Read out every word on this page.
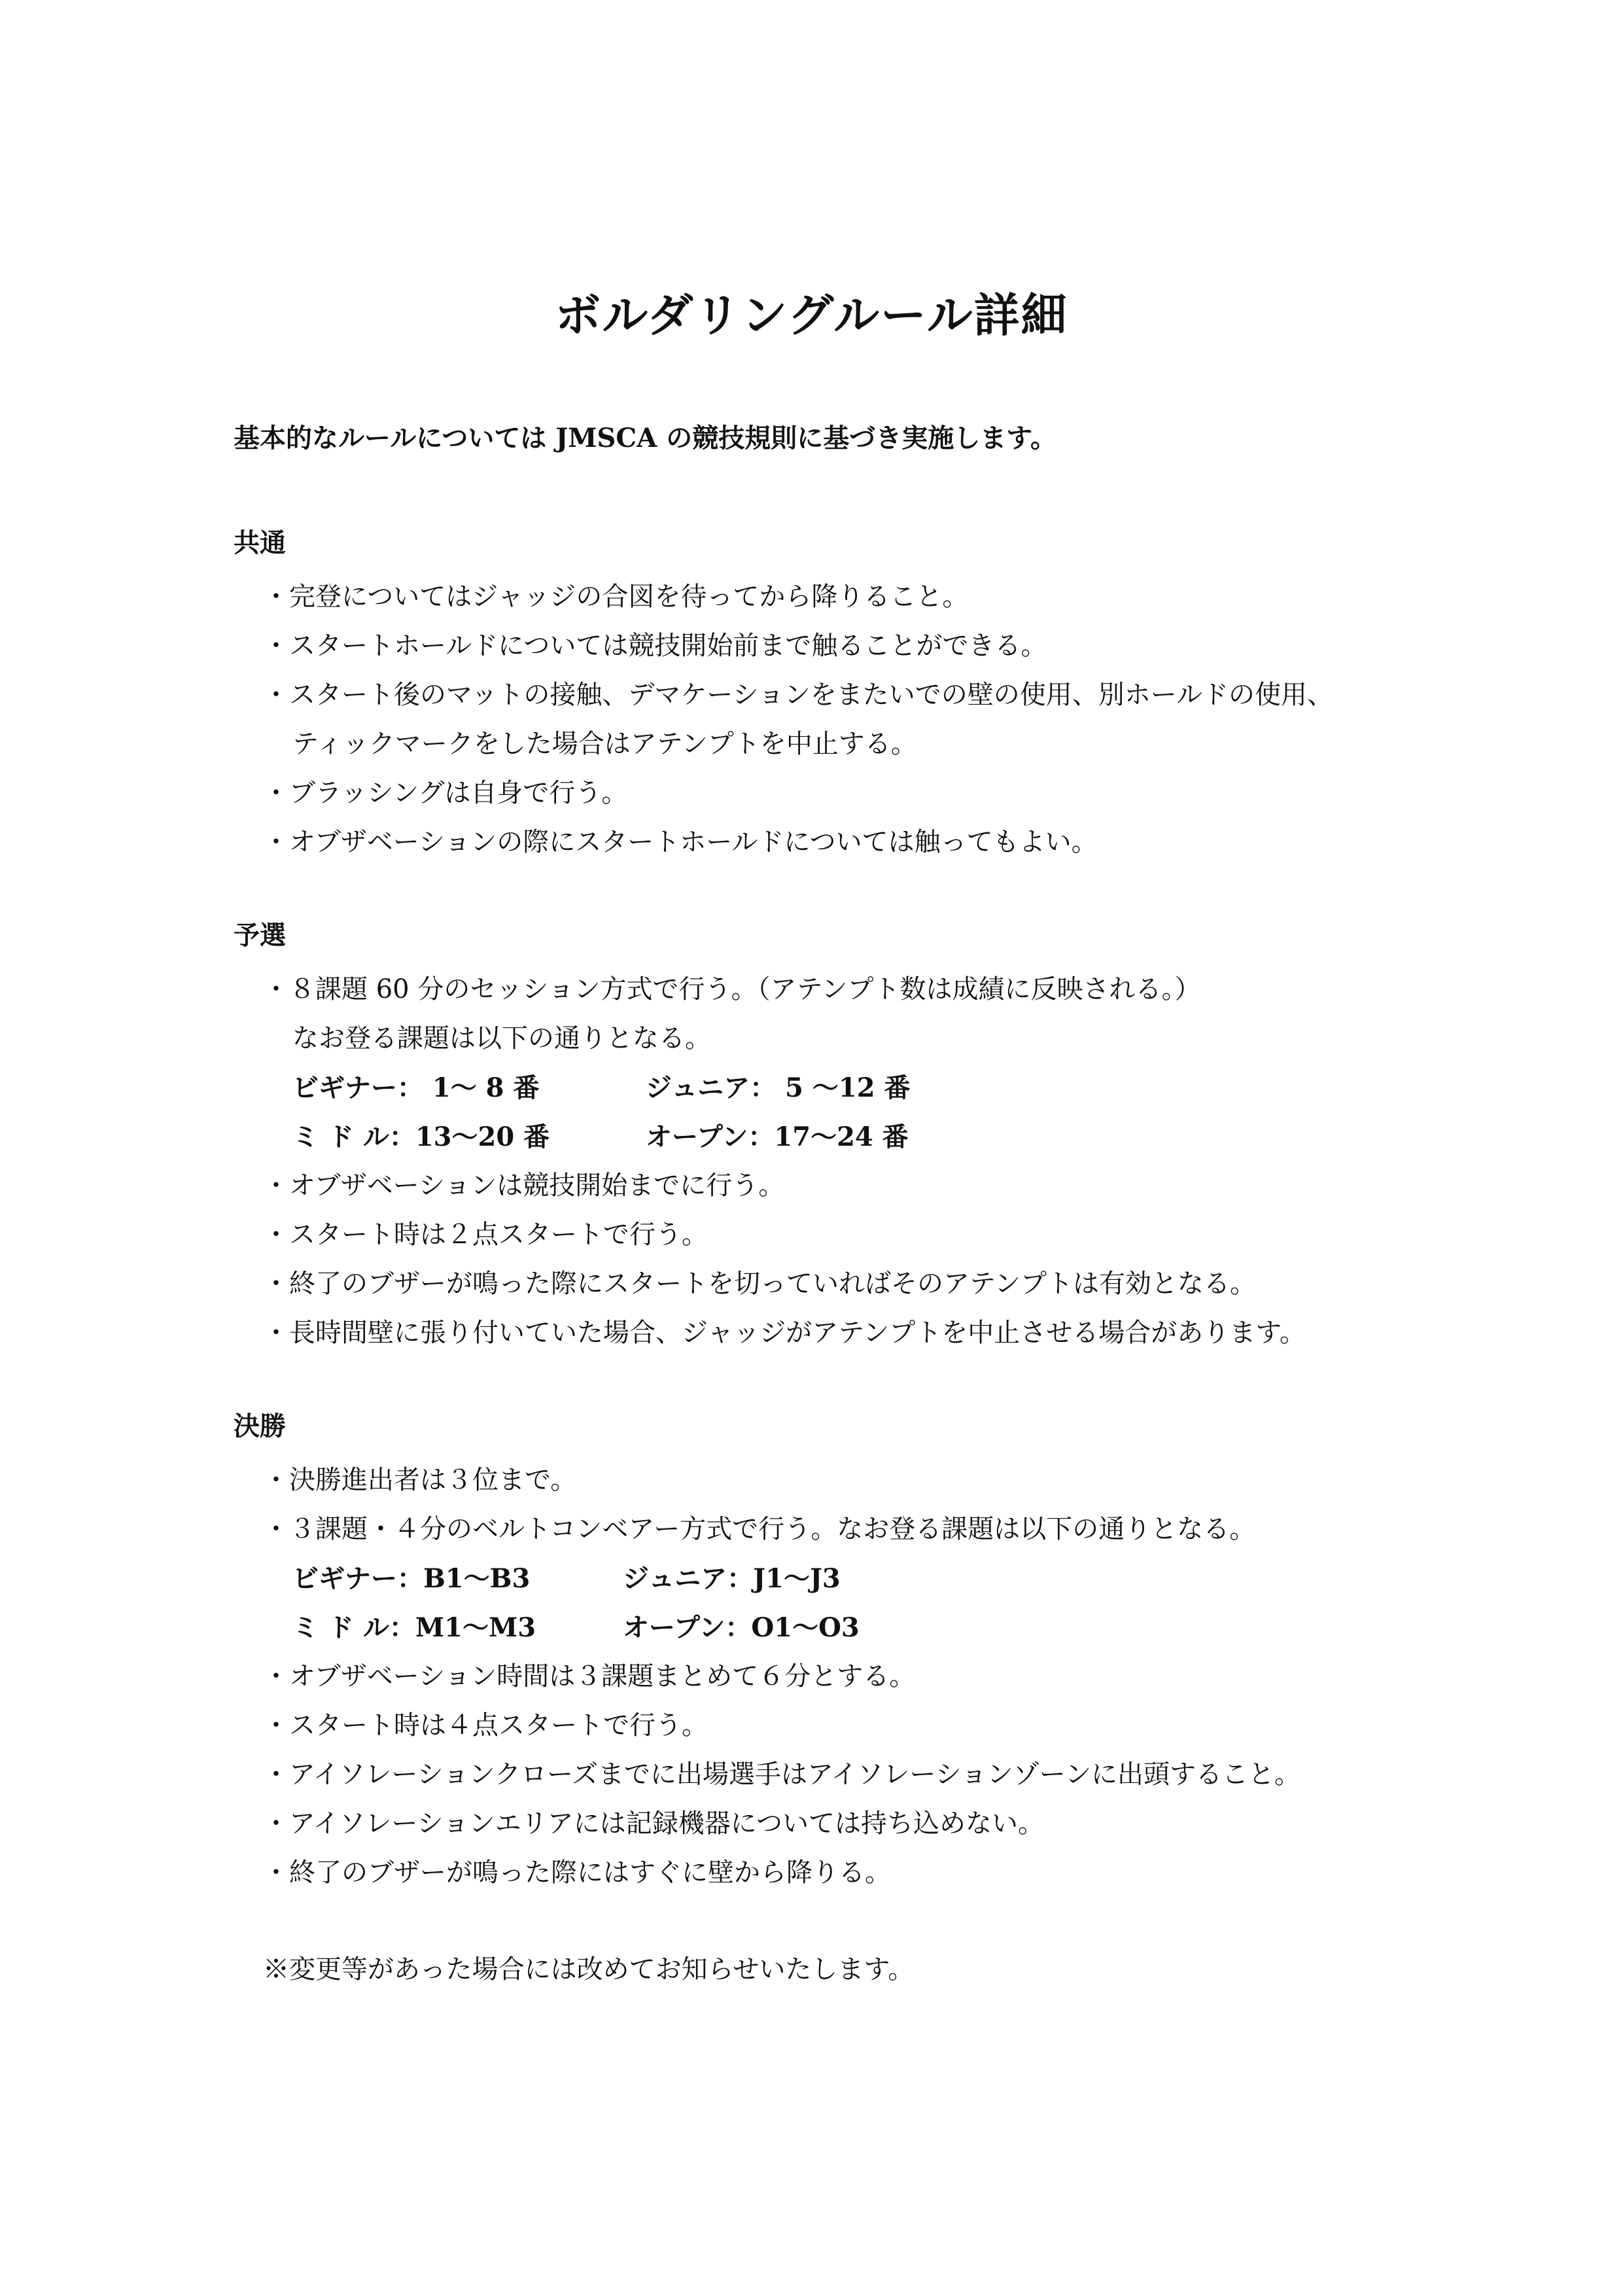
ボルダリングルール詳細
基本的なルールについては JMSCA の競技規則に基づき実施します。
共通
・完登についてはジャッジの合図を待ってから降りること。
・スタートホールドについては競技開始前まで触ることができる。
・スタート後のマットの接触、デマケーションをまたいでの壁の使用、別ホールドの使用、
ティックマークをした場合はアテンプトを中止する。
・ブラッシングは自身で行う。
・オブザベーションの際にスタートホールドについては触ってもよい。
予選
・８課題 60 分のセッション方式で行う。（アテンプト数は成績に反映される。）
なお登る課題は以下の通りとなる。
ビギナー： 1〜 8 番	ジュニア： 5 〜12 番
ミ ド ル：13〜20 番	オープン：17〜24 番
・オブザベーションは競技開始までに行う。
・スタート時は２点スタートで行う。
・終了のブザーが鳴った際にスタートを切っていればそのアテンプトは有効となる。
・長時間壁に張り付いていた場合、ジャッジがアテンプトを中止させる場合があります。
決勝
・決勝進出者は３位まで。
・３課題・４分のベルトコンベアー方式で行う。なお登る課題は以下の通りとなる。
ビギナー：B1〜B3	ジュニア：J1〜J3
ミ ド ル：M1〜M3	オープン：O1〜O3
・オブザベーション時間は３課題まとめて６分とする。
・スタート時は４点スタートで行う。
・アイソレーションクローズまでに出場選手はアイソレーションゾーンに出頭すること。
・アイソレーションエリアには記録機器については持ち込めない。
・終了のブザーが鳴った際にはすぐに壁から降りる。
※変更等があった場合には改めてお知らせいたします。
